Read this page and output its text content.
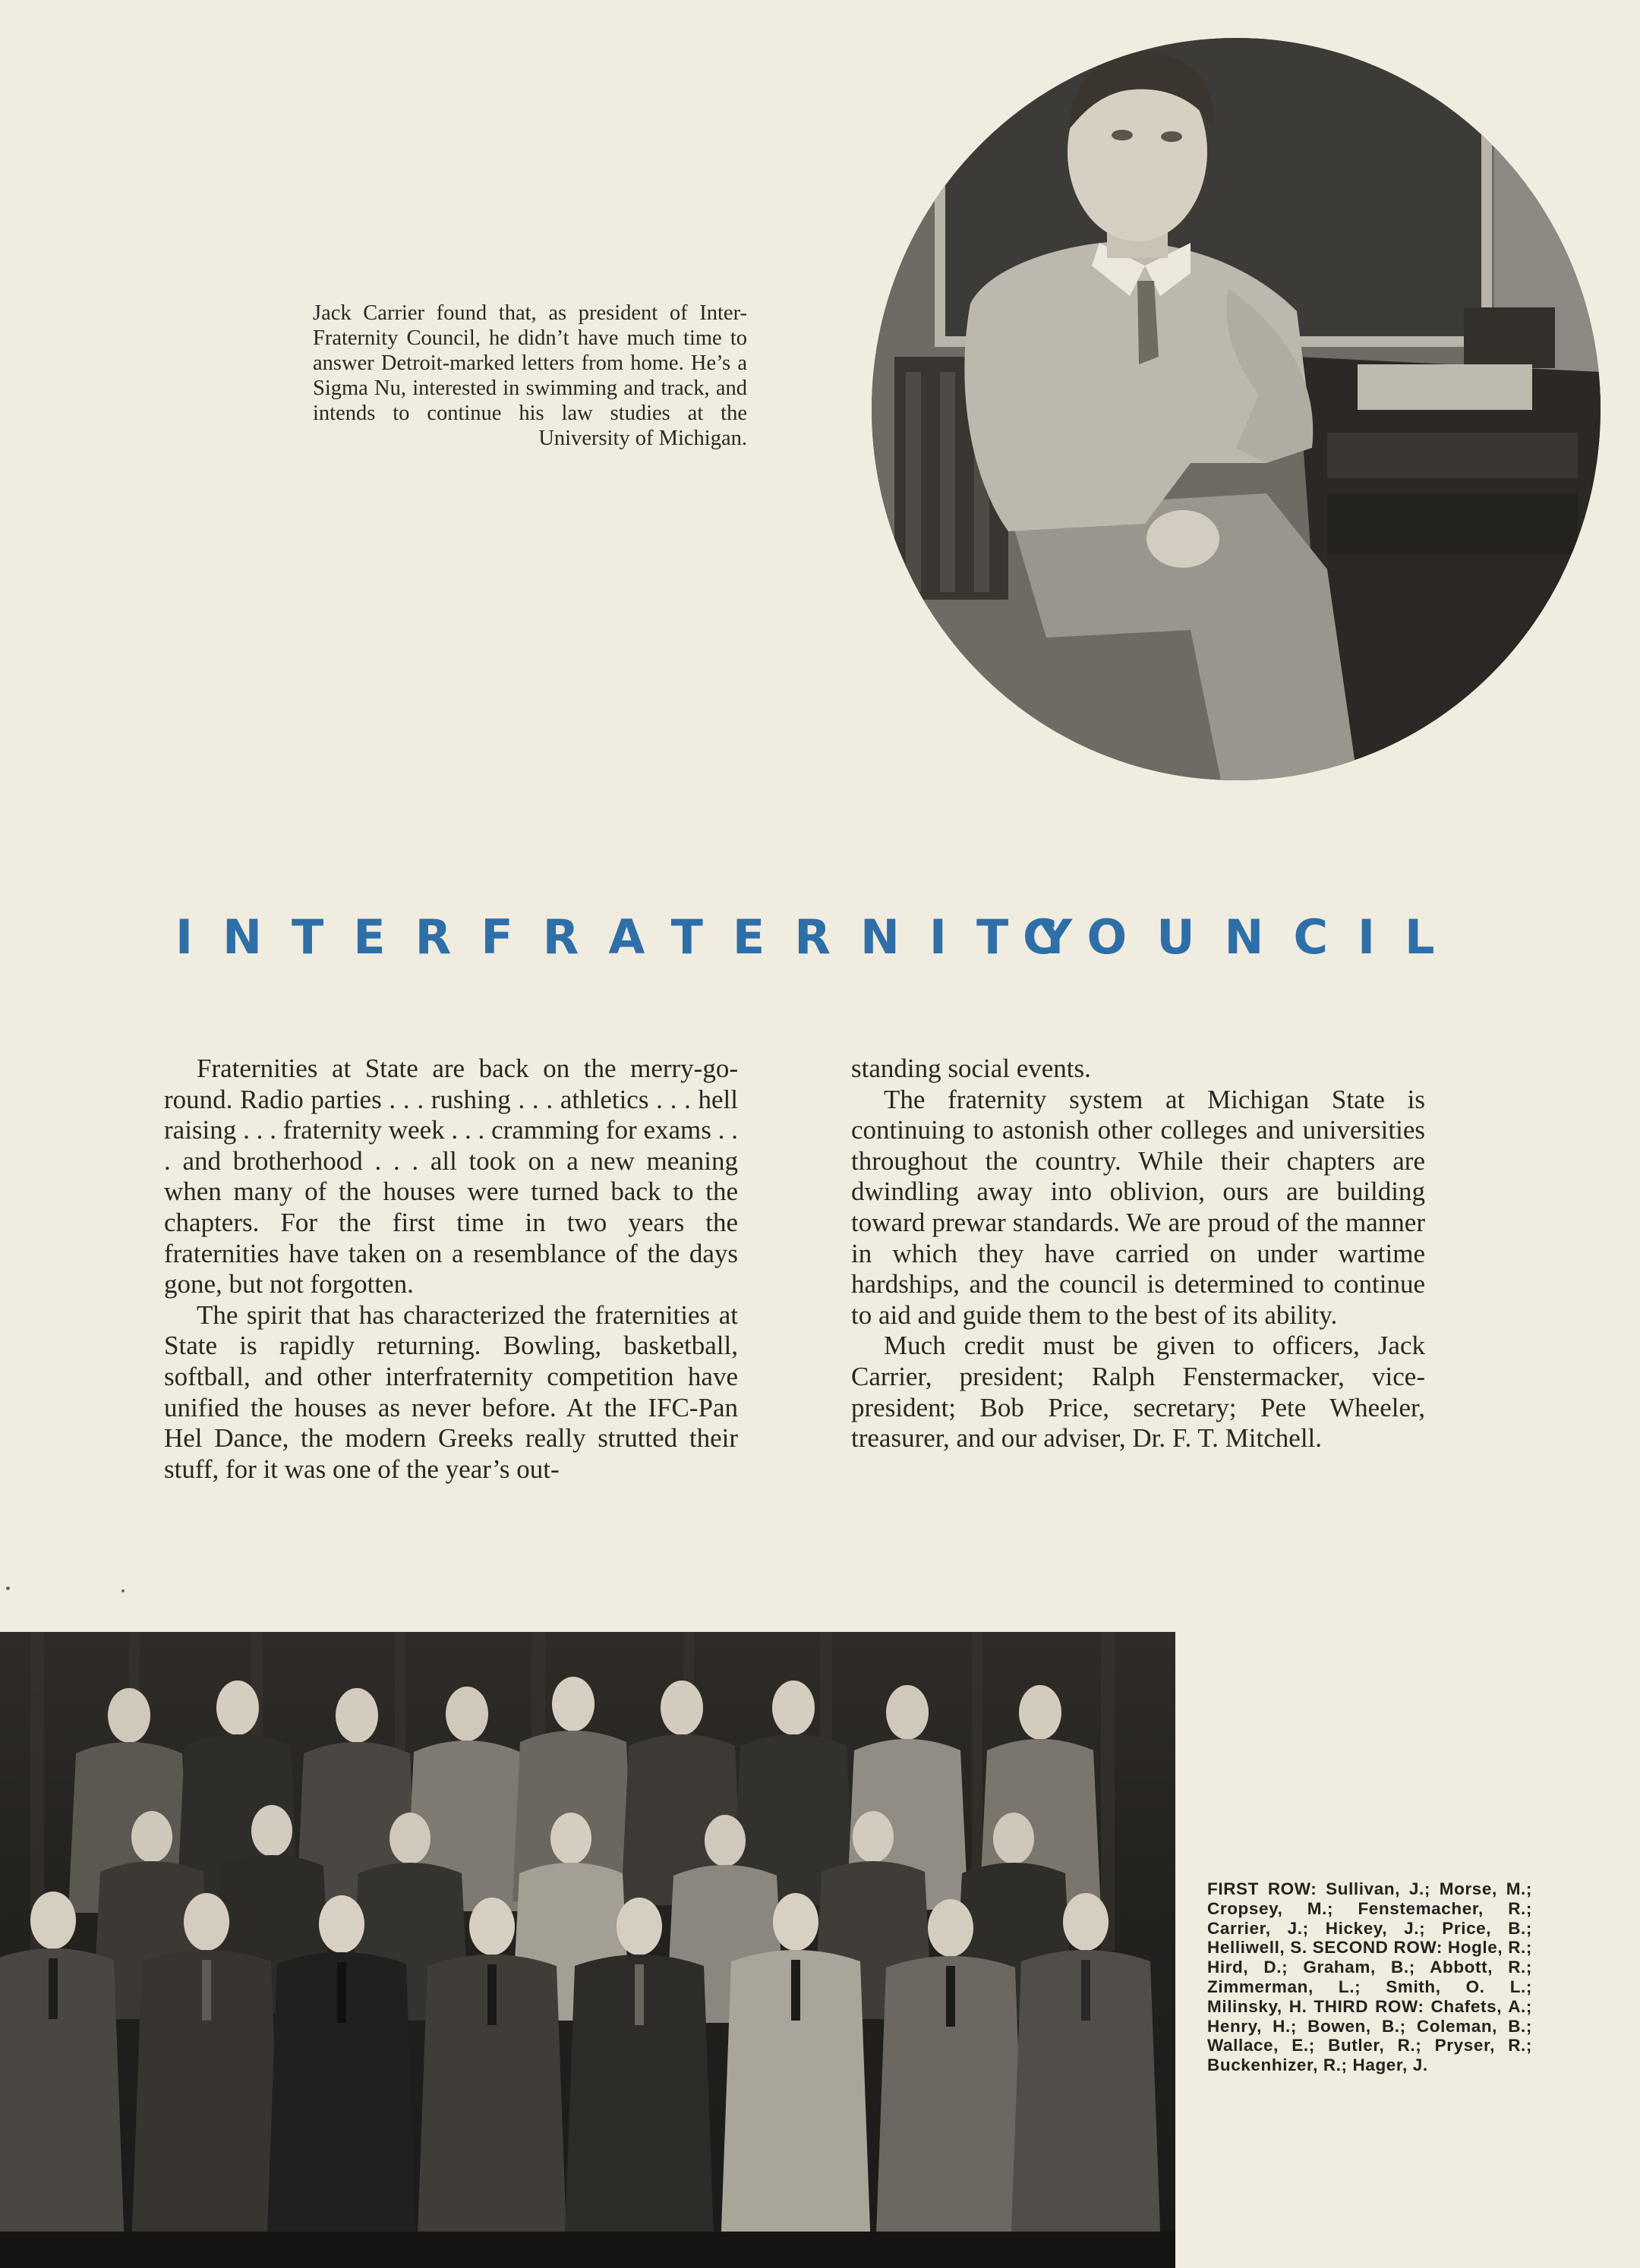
Jack Carrier found that, as president of Inter-Fraternity Council, he didn’t have much time to answer Detroit-marked letters from home. He’s a Sigma Nu, interested in swimming and track, and intends to continue his law studies at the University of Michigan.
INTERFRATERNITY
COUNCIL

Fraternities at State are back on the merry-go-round. Radio parties . . . rushing . . . athletics . . . hell raising . . . fraternity week . . . cramming for exams . . . and brotherhood . . . all took on a new meaning when many of the houses were turned back to the chapters. For the first time in two years the fraternities have taken on a resemblance of the days gone, but not forgotten.

The spirit that has characterized the fraternities at State is rapidly returning. Bowling, basketball, softball, and other interfraternity competition have unified the houses as never before. At the IFC-Pan Hel Dance, the modern Greeks really strutted their stuff, for it was one of the year’s out-

standing social events.

The fraternity system at Michigan State is continuing to astonish other colleges and universities throughout the country. While their chapters are dwindling away into oblivion, ours are building toward prewar standards. We are proud of the manner in which they have carried on under wartime hardships, and the council is determined to continue to aid and guide them to the best of its ability.

Much credit must be given to officers, Jack Carrier, president; Ralph Fenstermacker, vice-president; Bob Price, secretary; Pete Wheeler, treasurer, and our adviser, Dr. F. T. Mitchell.

FIRST ROW: Sullivan, J.; Morse, M.; Cropsey, M.; Fenstemacher, R.; Carrier, J.; Hickey, J.; Price, B.; Helliwell, S. SECOND ROW: Hogle, R.; Hird, D.; Graham, B.; Abbott, R.; Zimmerman, L.; Smith, O. L.; Milinsky, H. THIRD ROW: Chafets, A.; Henry, H.; Bowen, B.; Coleman, B.; Wallace, E.; Butler, R.; Pryser, R.; Buckenhizer, R.; Hager, J.
